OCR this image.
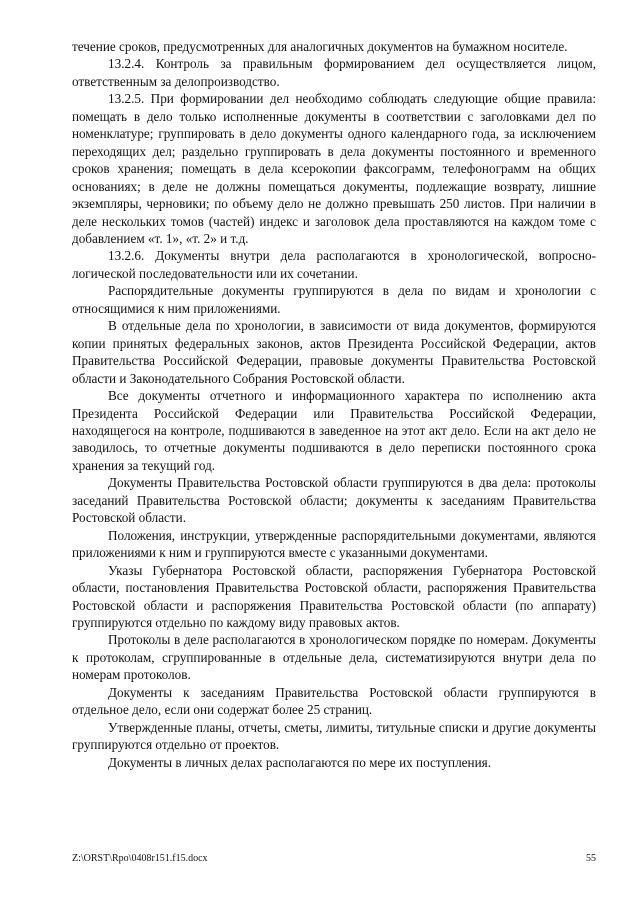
течение сроков, предусмотренных для аналогичных документов на бумажном носителе.

13.2.4. Контроль за правильным формированием дел осуществляется лицом, ответственным за делопроизводство.

13.2.5. При формировании дел необходимо соблюдать следующие общие правила: помещать в дело только исполненные документы в соответствии с заголовками дел по номенклатуре; группировать в дело документы одного календарного года, за исключением переходящих дел; раздельно группировать в дела документы постоянного и временного сроков хранения; помещать в дела ксерокопии факсограмм, телефонограмм на общих основаниях; в деле не должны помещаться документы, подлежащие возврату, лишние экземпляры, черновики; по объему дело не должно превышать 250 листов. При наличии в деле нескольких томов (частей) индекс и заголовок дела проставляются на каждом томе с добавлением «т. 1», «т. 2» и т.д.

13.2.6. Документы внутри дела располагаются в хронологической, вопросно-логической последовательности или их сочетании.

Распорядительные документы группируются в дела по видам и хронологии с относящимися к ним приложениями.

В отдельные дела по хронологии, в зависимости от вида документов, формируются копии принятых федеральных законов, актов Президента Российской Федерации, актов Правительства Российской Федерации, правовые документы Правительства Ростовской области и Законодательного Собрания Ростовской области.

Все документы отчетного и информационного характера по исполнению акта Президента Российской Федерации или Правительства Российской Федерации, находящегося на контроле, подшиваются в заведенное на этот акт дело. Если на акт дело не заводилось, то отчетные документы подшиваются в дело переписки постоянного срока хранения за текущий год.

Документы Правительства Ростовской области группируются в два дела: протоколы заседаний Правительства Ростовской области; документы к заседаниям Правительства Ростовской области.

Положения, инструкции, утвержденные распорядительными документами, являются приложениями к ним и группируются вместе с указанными документами.

Указы Губернатора Ростовской области, распоряжения Губернатора Ростовской области, постановления Правительства Ростовской области, распоряжения Правительства Ростовской области и распоряжения Правительства Ростовской области (по аппарату) группируются отдельно по каждому виду правовых актов.

Протоколы в деле располагаются в хронологическом порядке по номерам. Документы к протоколам, сгруппированные в отдельные дела, систематизируются внутри дела по номерам протоколов.

Документы к заседаниям Правительства Ростовской области группируются в отдельное дело, если они содержат более 25 страниц.

Утвержденные планы, отчеты, сметы, лимиты, титульные списки и другие документы группируются отдельно от проектов.

Документы в личных делах располагаются по мере их поступления.

Z:\ORST\Rpo\0408r151.f15.docx	55
